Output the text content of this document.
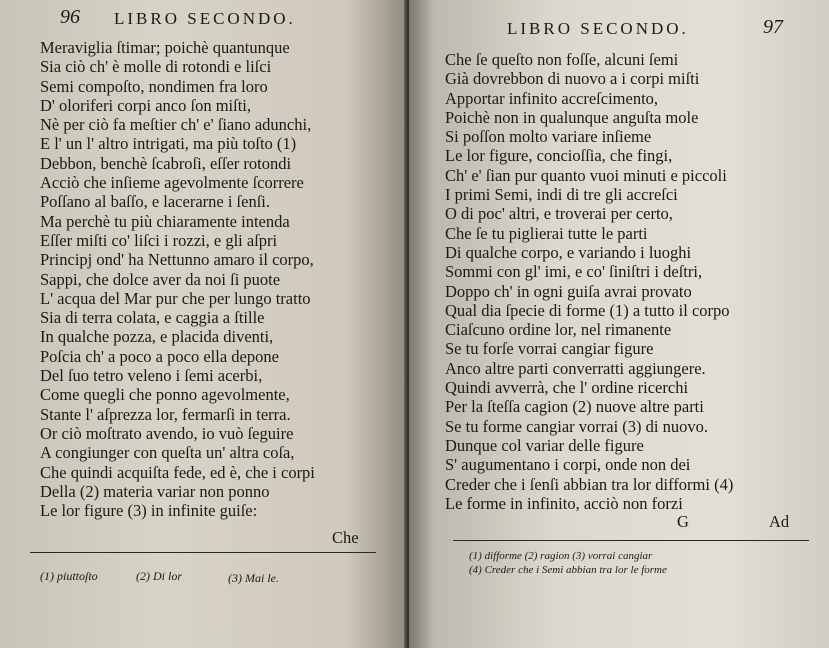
96 LIBRO SECONDO.
Meraviglia ſtimar; poichè quantunque
Sia ciò ch' è molle di rotondi e liſci
Semi compoſto, nondimen fra loro
D' oloriferi corpi anco ſon miſti,
Nè per ciò fa meſtier ch' e' ſiano adunchi,
E l' un l' altro intrigati, ma più toſto (1)
Debbon, benchè ſcabroſi, eſſer rotondi
Acciò che inſieme agevolmente ſcorrere
Poſſano al baſſo, e lacerarne i ſenſi.
Ma perchè tu più chiaramente intenda
Eſſer miſti co' liſci i rozzi, e gli aſpri
Principj ond' ha Nettunno amaro il corpo,
Sappi, che dolce aver da noi ſi puote
L' acqua del Mar pur che per lungo tratto
Sia di terra colata, e caggia a ſtille
In qualche pozza, e placida diventi,
Poſcia ch' a poco a poco ella depone
Del ſuo tetro veleno i ſemi acerbi,
Come quegli che ponno agevolmente,
Stante l' aſprezza lor, fermarſi in terra.
Or ciò moſtrato avendo, io vuò ſeguire
A congiunger con queſta un' altra coſa,
Che quindi acquiſta fede, ed è, che i corpi
Della (2) materia variar non ponno
Le lor figure (3) in infinite guiſe:
Che
(1) piuttoſto	(2) Di lor	(3) Mai le.
LIBRO SECONDO.	97
Che ſe queſto non foſſe, alcuni ſemi
Già dovrebbon di nuovo a i corpi miſti
Apportar infinito accreſcimento,
Poichè non in qualunque anguſta mole
Si poſſon molto variare inſieme
Le lor figure, concioſſia, che fingi,
Ch' e' ſian pur quanto vuoi minuti e piccoli
I primi Semi, indi di tre gli accreſci
O di poc' altri, e troverai per certo,
Che ſe tu piglierai tutte le parti
Di qualche corpo, e variando i luoghi
Sommi con gl' imi, e co' ſiniſtri i deſtri,
Doppo ch' in ogni guiſa avrai provato
Qual dia ſpecie di forme (1) a tutto il corpo
Ciaſcuno ordine lor, nel rimanente
Se tu forſe vorrai cangiar figure
Anco altre parti converratti aggiungere.
Quindi avverrà, che l' ordine ricerchi
Per la ſteſſa cagion (2) nuove altre parti
Se tu forme cangiar vorrai (3) di nuovo.
Dunque col variar delle figure
S' augumentano i corpi, onde non dei
Creder che i ſenſi abbian tra lor difformi (4)
Le forme in infinito, acciò non forzi
G	Ad
(1) difforme (2) ragion (3) vorrai cangiar
(4) Creder che i Semi abbian tra lor le forme
